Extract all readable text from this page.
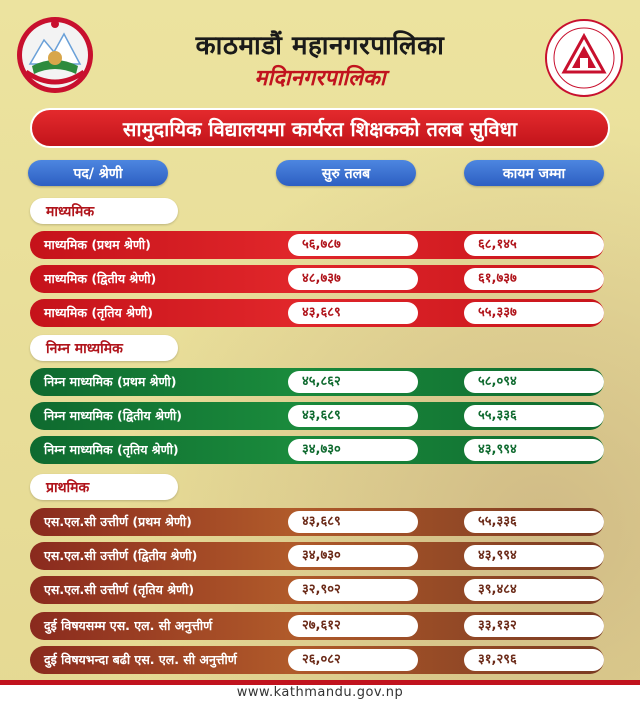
काठमाडौं महानगरपालिका
मदिानगरपालिका
सामुदायिक विद्यालयमा कार्यरत शिक्षकको तलब सुविधा
पद/ श्रेणी	सुरु तलब	कायम जम्मा
माध्यमिक
माध्यमिक (प्रथम श्रेणी)	५६,७८७	६८,१४५
माध्यमिक (द्वितीय श्रेणी)	४८,७३७	६१,७३७
माध्यमिक (तृतिय श्रेणी)	४३,६८९	५५,३३७
निम्न माध्यमिक
निम्न माध्यमिक (प्रथम श्रेणी)	४५,८६२	५८,०९४
निम्न माध्यमिक (द्वितीय श्रेणी)	४३,६८९	५५,३३६
निम्न माध्यमिक (तृतिय श्रेणी)	३४,७३०	४३,९९४
प्राथमिक
एस.एल.सी उत्तीर्ण (प्रथम श्रेणी)	४३,६८९	५५,३३६
एस.एल.सी उत्तीर्ण (द्वितीय श्रेणी)	३४,७३०	४३,९९४
एस.एल.सी उत्तीर्ण (तृतिय श्रेणी)	३२,९०२	३९,४८४
दुई विषयसम्म एस. एल. सी अनुत्तीर्ण	२७,६१२	३३,१३२
दुई विषयभन्दा बढी एस. एल. सी अनुत्तीर्ण	२६,०८२	३१,२९६
www.kathmandu.gov.np
